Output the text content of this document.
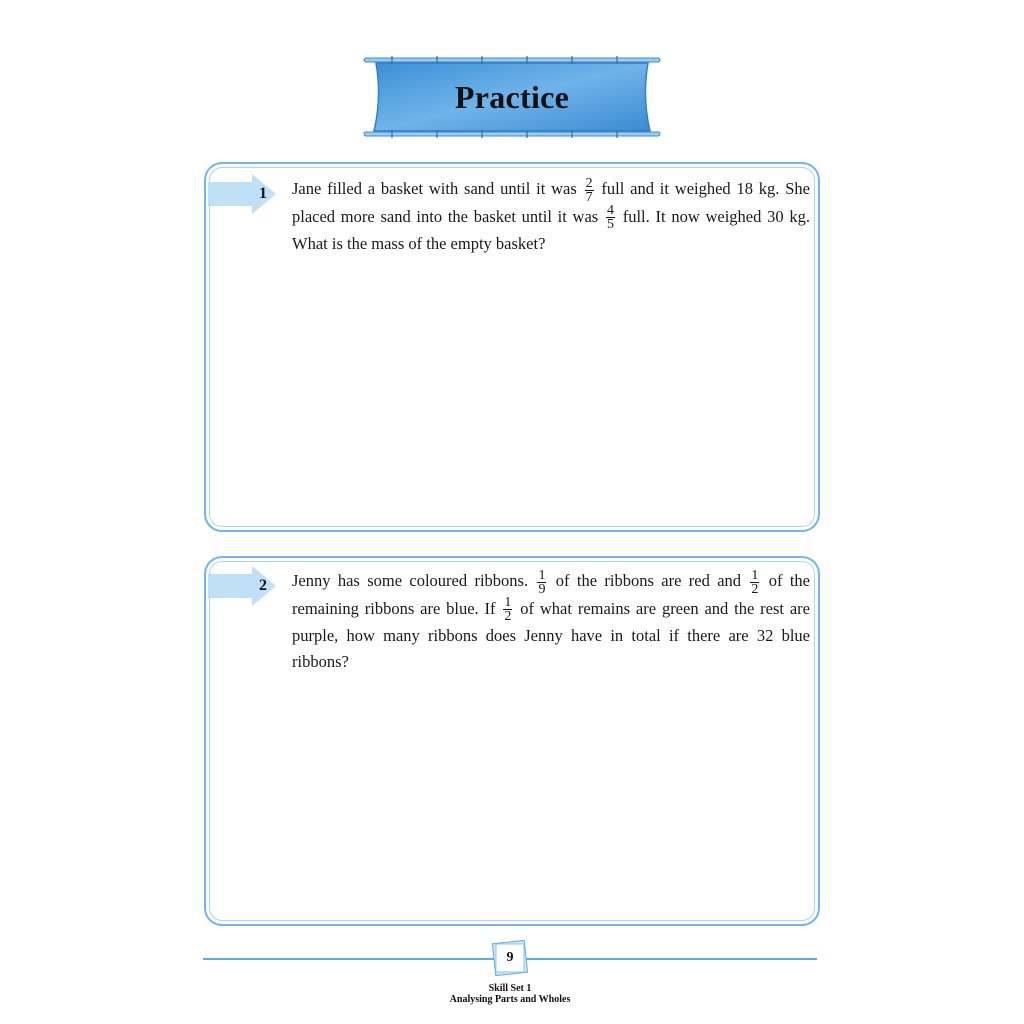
Practice
1	Jane filled a basket with sand until it was $\frac{2}{7}$ full and it weighed 18 kg. She placed more sand into the basket until it was $\frac{4}{5}$ full. It now weighed 30 kg. What is the mass of the empty basket?
2	Jenny has some coloured ribbons. $\frac{1}{9}$ of the ribbons are red and $\frac{1}{2}$ of the remaining ribbons are blue. If $\frac{1}{2}$ of what remains are green and the rest are purple, how many ribbons does Jenny have in total if there are 32 blue ribbons?
9
Skill Set 1
Analysing Parts and Wholes
